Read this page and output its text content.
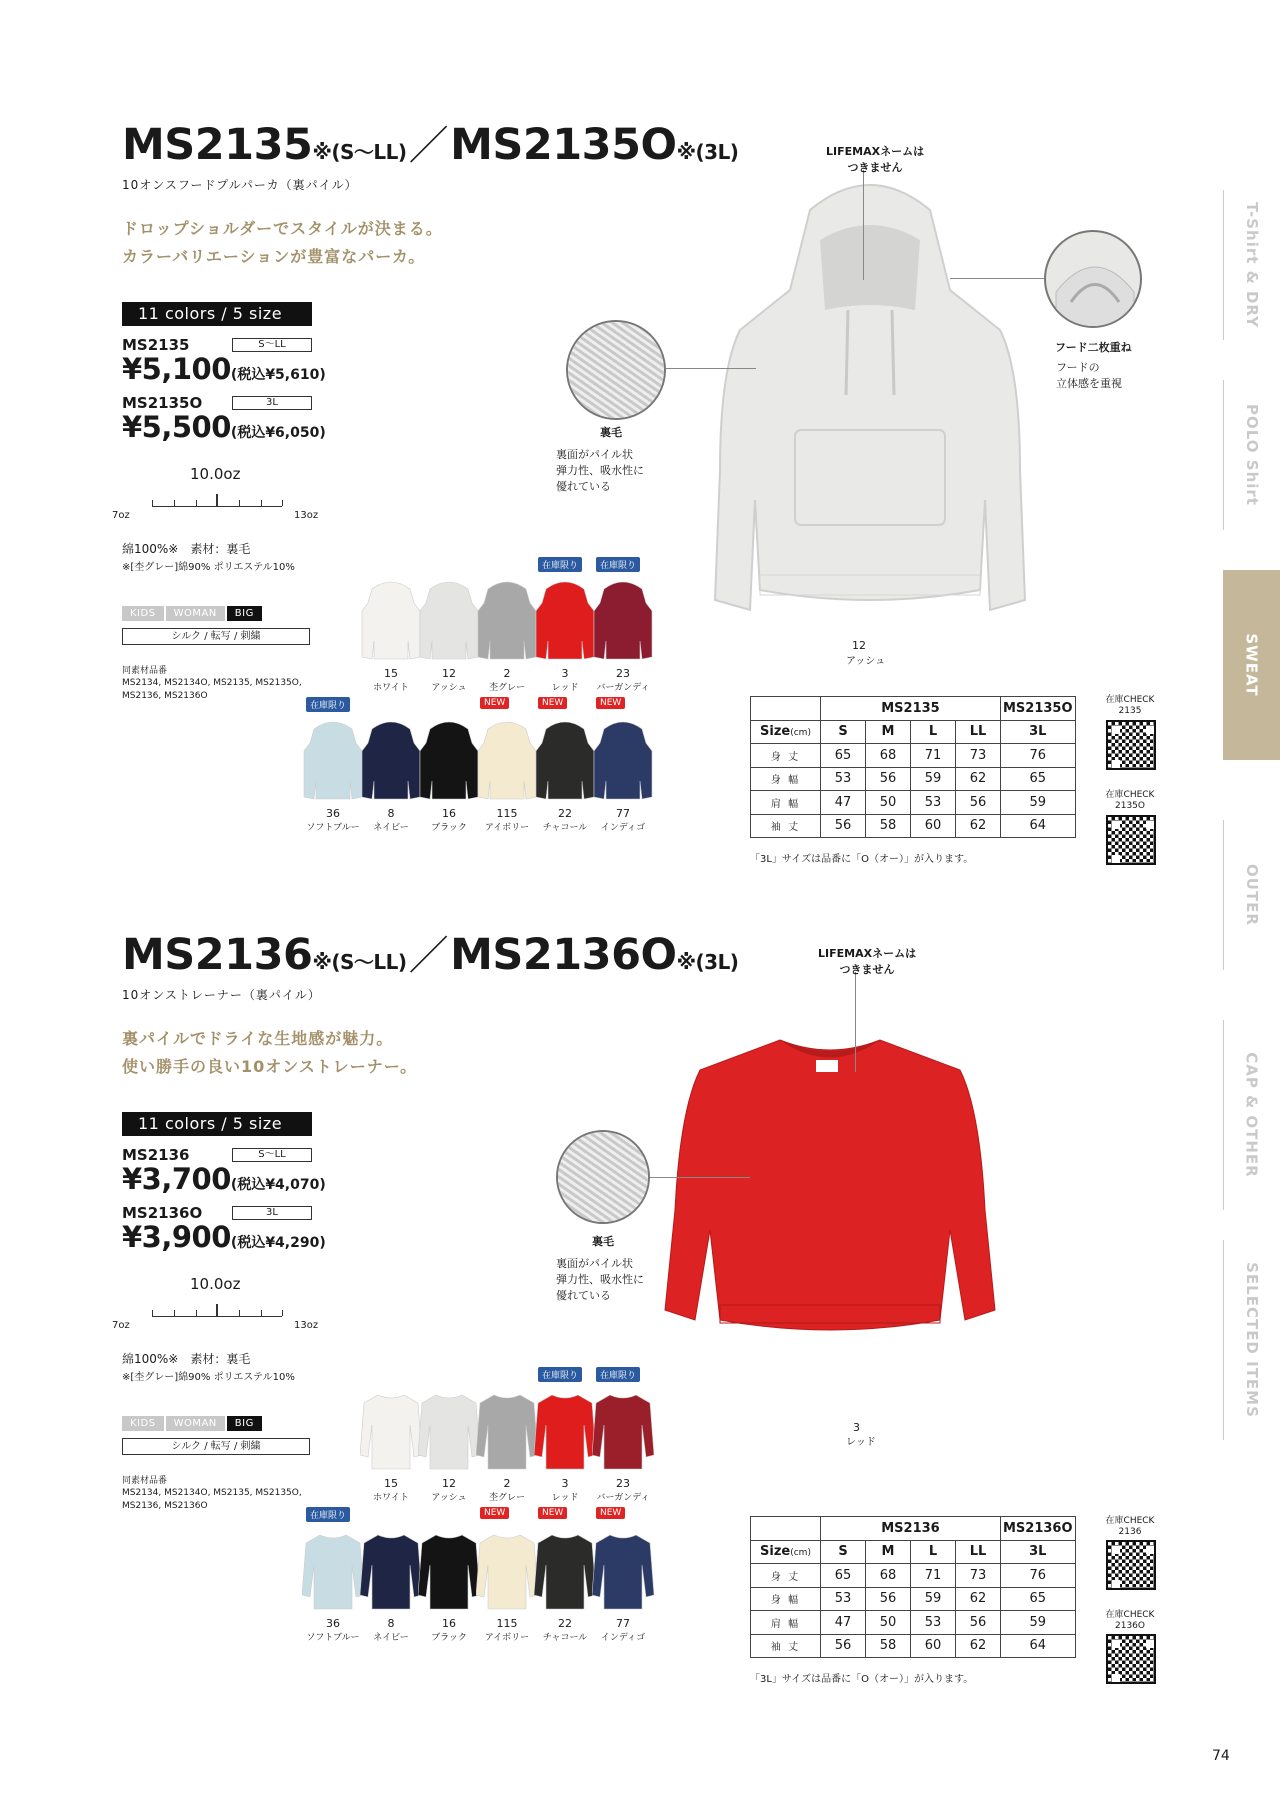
MS2135※(S〜LL)／MS2135O※(3L)
10オンスフードプルパーカ（裏パイル）
ドロップショルダーでスタイルが決まる。
カラーバリエーションが豊富なパーカ。
11 colors / 5 size
MS2135	S〜LL
¥5,100(税込¥5,610)
MS2135O	3L
¥5,500(税込¥6,050)
10.0oz
7oz	13oz
綿100%※　素材：裏毛
※[杢グレー]綿90% ポリエステル10%
KIDS	WOMAN	BIG
シルク / 転写 / 刺繍
同素材品番
MS2134, MS2134O, MS2135, MS2135O, MS2136, MS2136O
15
ホワイト
12
アッシュ
2
杢グレー
在庫限り
3
レッド
在庫限り
23
バーガンディ
在庫限り
36
ソフトブルー
8
ネイビー
16
ブラック
NEW
115
アイボリー
NEW
22
チャコール
NEW
77
インディゴ
LIFEMAXネームは
つきません
裏毛
裏面がパイル状
弾力性、吸水性に
優れている
フード二枚重ね
フードの
立体感を重視
12
アッシュ
	MS2135				MS2135O
Size(cm)	S	M	L	LL	3L
身 丈	65	68	71	73	76
身 幅	53	56	59	62	65
肩 幅	47	50	53	56	59
袖 丈	56	58	60	62	64
「3L」サイズは品番に「O（オー）」が入ります。
在庫CHECK
2135
在庫CHECK
2135O
MS2136※(S〜LL)／MS2136O※(3L)
10オンストレーナー（裏パイル）
裏パイルでドライな生地感が魅力。
使い勝手の良い10オンストレーナー。
11 colors / 5 size
MS2136	S〜LL
¥3,700(税込¥4,070)
MS2136O	3L
¥3,900(税込¥4,290)
10.0oz
7oz	13oz
綿100%※　素材：裏毛
※[杢グレー]綿90% ポリエステル10%
KIDS	WOMAN	BIG
シルク / 転写 / 刺繍
同素材品番
MS2134, MS2134O, MS2135, MS2135O, MS2136, MS2136O
15
ホワイト
12
アッシュ
2
杢グレー
在庫限り
3
レッド
在庫限り
23
バーガンディ
在庫限り
36
ソフトブルー
8
ネイビー
16
ブラック
NEW
115
アイボリー
NEW
22
チャコール
NEW
77
インディゴ
LIFEMAXネームは
つきません
裏毛
裏面がパイル状
弾力性、吸水性に
優れている
3
レッド
	MS2136				MS2136O
Size(cm)	S	M	L	LL	3L
身 丈	65	68	71	73	76
身 幅	53	56	59	62	65
肩 幅	47	50	53	56	59
袖 丈	56	58	60	62	64
「3L」サイズは品番に「O（オー）」が入ります。
在庫CHECK
2136
在庫CHECK
2136O
T-Shirt & DRY
POLO Shirt
SWEAT
OUTER
CAP & OTHER
SELECTED ITEMS
74
